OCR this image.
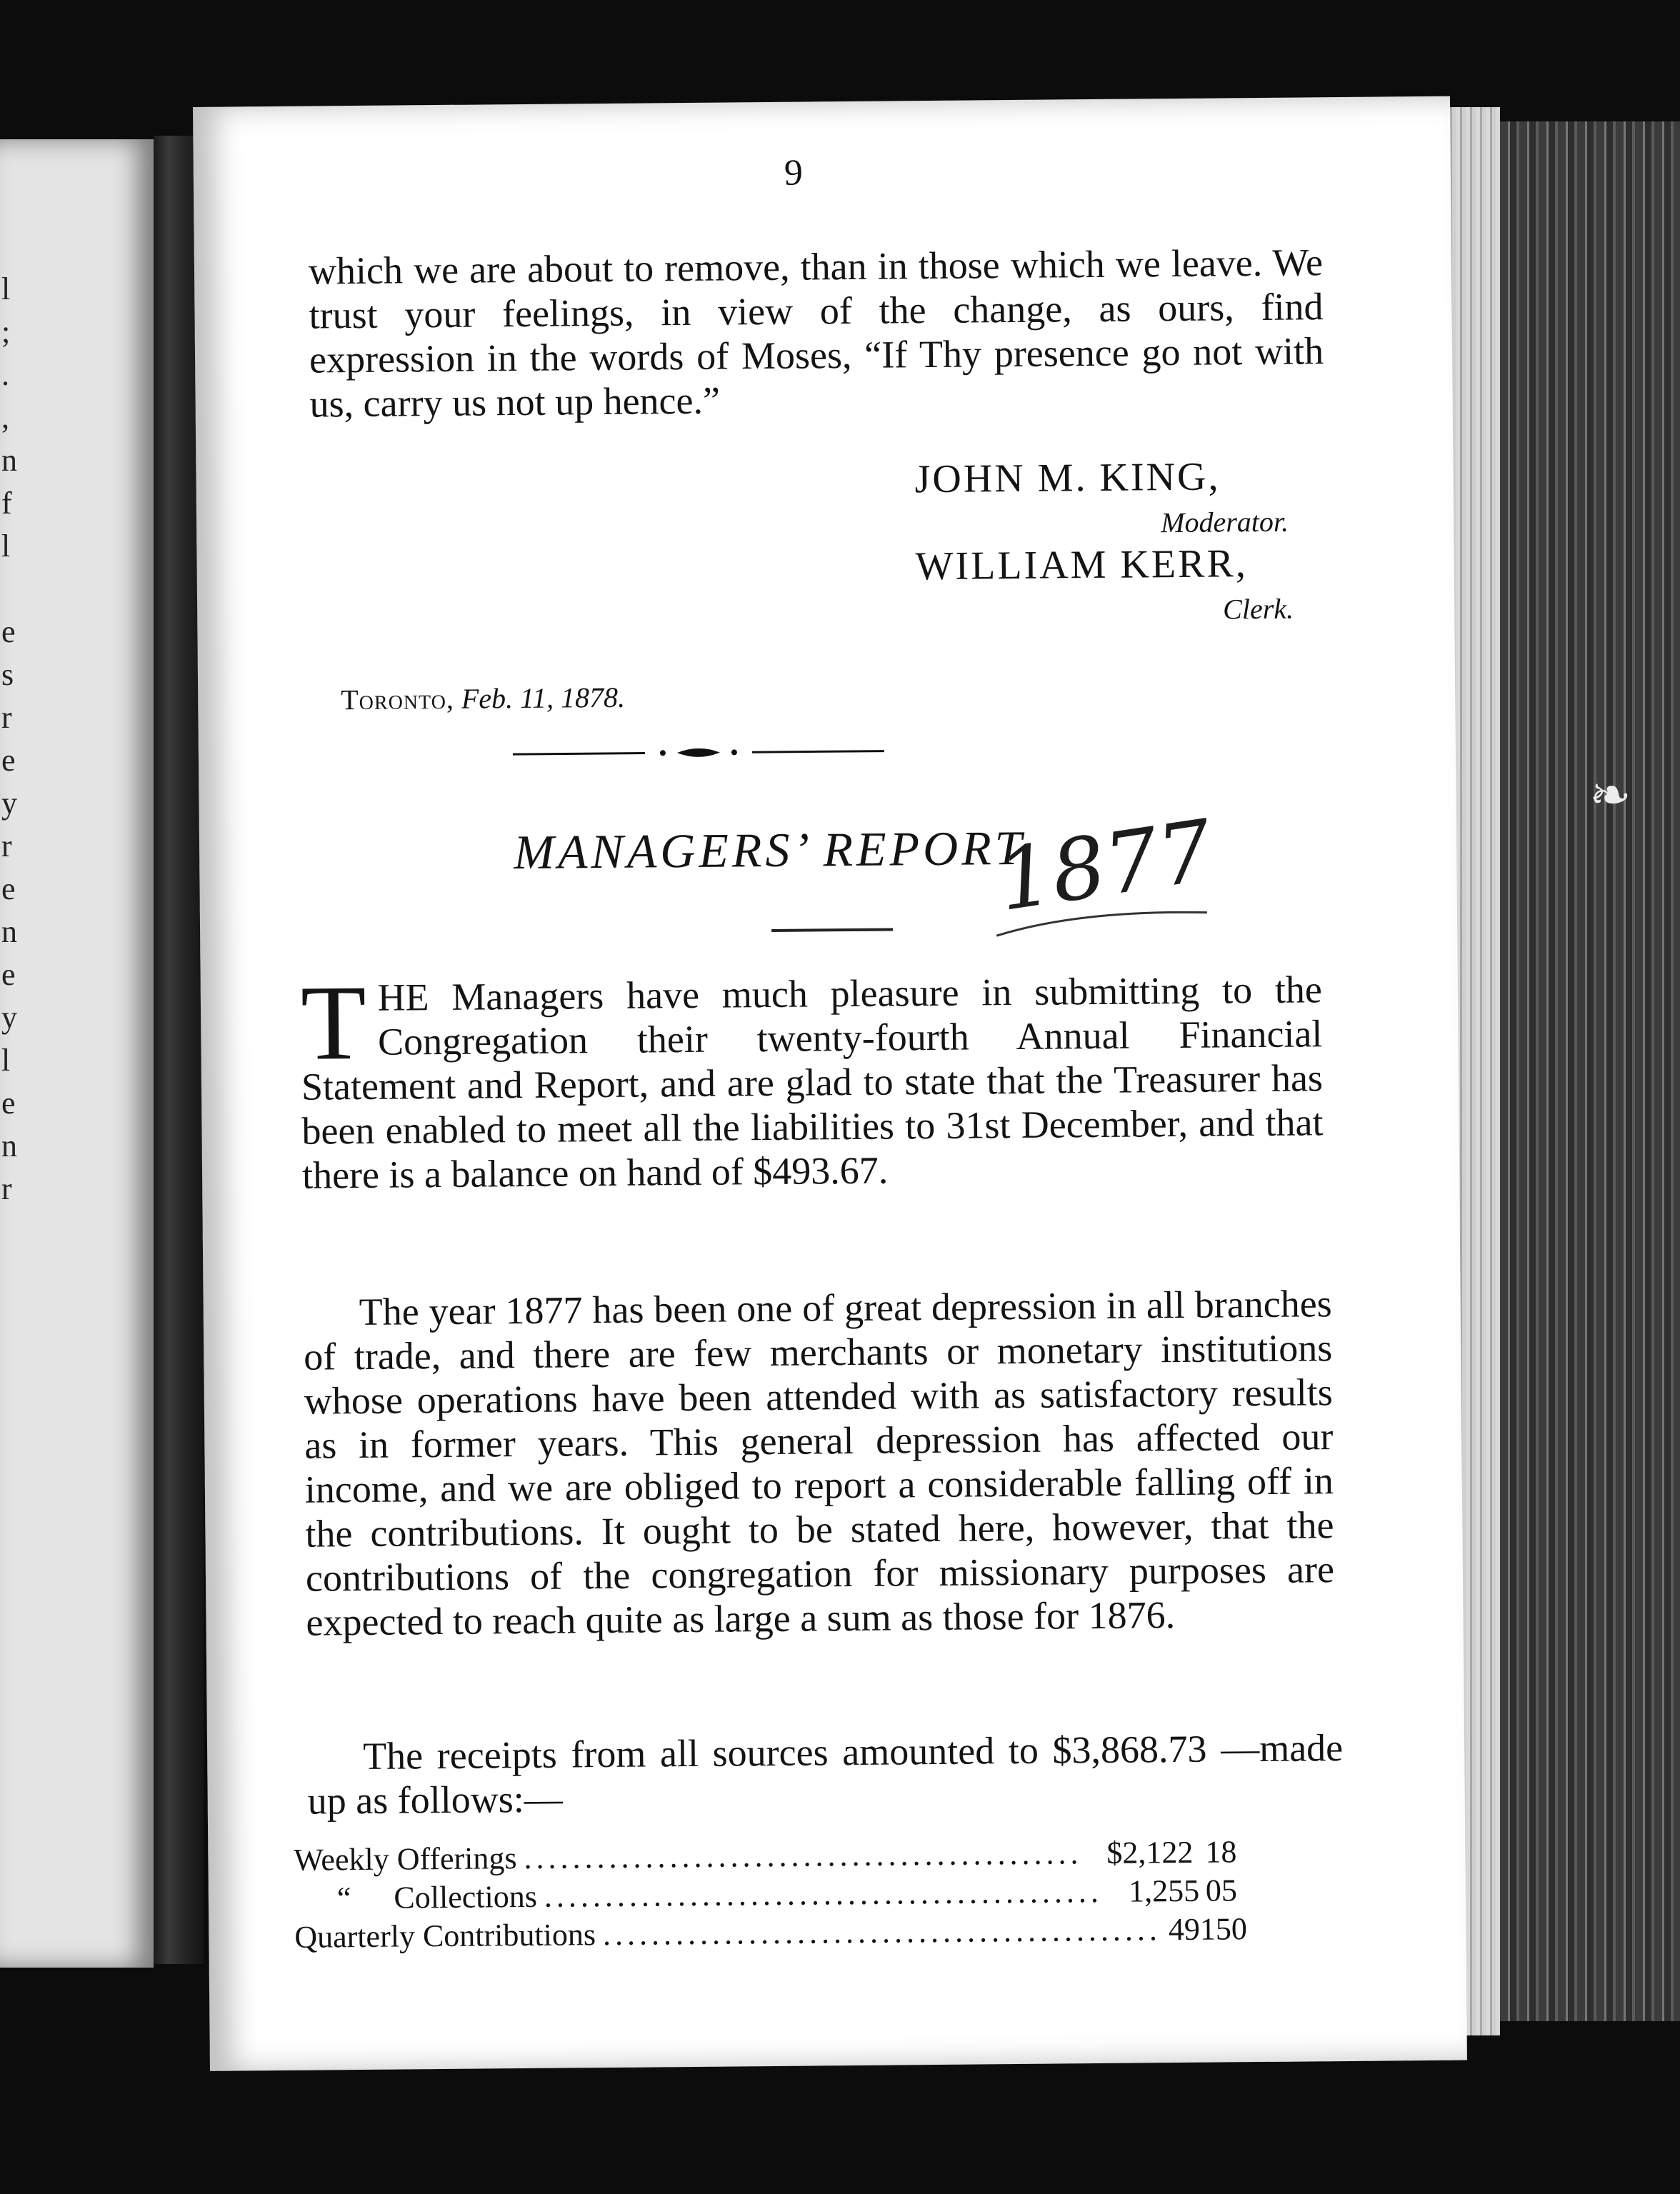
l
;
.
,
n
f
l

e
s
r
e
y
r
e
n
e
y
l
e
n
r
❧
9

which we are about to remove, than in those which we leave. We trust your feelings, in view of the change, as ours, find expression in the words of Moses, “If Thy presence go not with us, carry us not up hence.”

JOHN M. KING,
Moderator.
WILLIAM KERR,
Clerk.
Toronto, Feb. 11, 1878.
MANAGERS’ REPORT.
1877

THE Managers have much pleasure in submitting to the Congregation their twenty-fourth Annual Financial Statement and Report, and are glad to state that the Treasurer has been enabled to meet all the liabilities to 31st December, and that there is a balance on hand of $493.67.

The year 1877 has been one of great depression in all branches of trade, and there are few merchants or monetary institutions whose operations have been attended with as satisfactory results as in former years. This general depression has affected our income, and we are obliged to report a considerable falling off in the contributions. It ought to be stated here, however, that the contributions of the congregation for missionary purposes are expected to reach quite as large a sum as those for 1876.

The receipts from all sources amounted to $3,868.73 —made up as follows:—

Weekly Offerings .............................................. $2,122 18
“ Collections .............................................. 1,255 05
Quarterly Contributions .............................................. 491 50
